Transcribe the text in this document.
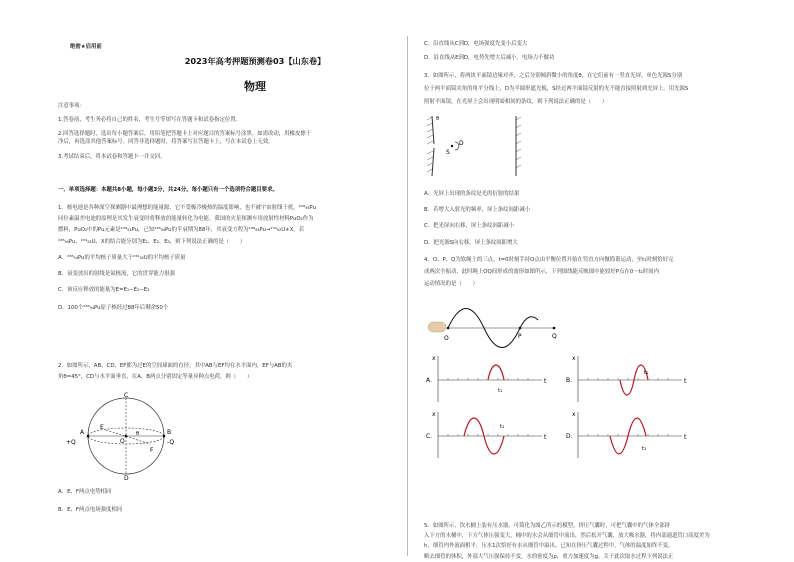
绝密★启用前
2023年高考押题预测卷03【山东卷】
物理

注意事项：

1.答卷前，考生务必将自己的姓名、考生号等填写在答题卡和试卷指定位置。

2.回答选择题时，选出每小题答案后，用铅笔把答题卡上对应题目的答案标号涂黑。如需改动，用橡皮擦干

净后，再选涂其他答案标号。回答非选择题时，将答案写在答题卡上，写在本试卷上无效。

3.考试结束后，将本试卷和答题卡一并交回。

一、单项选择题：本题共8小题，每小题3分，共24分。每小题只有一个选项符合题目要求。

1．核电池是各种深空探测器中最理想的能量源，它不受极冷极热的温度影响，也不被宇宙射线干扰。²³⁸₉₄Pu

同位素温差电池的原理是其发生衰变时将释放的能量转化为电能。我国的火星探测车用放射性材料PuO₂作为

燃料，PuO₂中的Pu元素是²³⁸₉₄Pu，已知²³⁸₉₄Pu的半衰期为88年，其衰变方程为²³⁸₉₄Pu→²³⁴₉₂U+X。若

²³⁸₉₄Pu、²³⁴₉₂U、X的结合能分别为E₁、E₂、E₃，则下列说法正确的是（　　）

A．²³⁸₉₄Pu的平均核子质量大于²³⁴₉₂U的平均核子质量

B．衰变放出的射线是氦核流，它的贯穿能力很强

C．该反应释放的能量为E=E₁−E₂−E₃

D．100个²³⁸₉₄Pu原子核经过88年后剩余50个

2．如图所示，AB、CD、EF都为过E的空间球面的直径，其中AB与EF均在水平面内，EF与AB的夹

角θ=45°，CD与水平面垂直，在A、B两点分别固定等量异种点电荷，则（　　）

C
D
E
F
A	B
O
θ
+Q	-Q

A．E、F两点电势相同

B．E、F两点电场强度相同

C．沿直线从C到D，电场强度先变小后变大

D．沿直线从E到D，电势先增大后减小，电场力不做功

3．如图所示，将两块平面镜边缘对齐，之后分别倾斜微小的角度θ，在它们前有一竖直光屏，单色光源S分别

位于两平面镜夹角的角平分线上，D为半圆形遮光板，S经过两平面镜反射的光不能直接照射到光屏上。用光源S

照射平面镜，在光屏上会出现明暗相间的条纹，则下列说法正确的是（　　）

S
D
θ

A．光屏上出现的条纹是光的衍射的结果

B．若增大入射光的频率，屏上条纹间距减小

C．把光屏向右移，屏上条纹间距减小

D．把光源S向右移，屏上条纹间距增大

4．O、P、Q为软绳上的三点，t=0时刻手持O点由平衡位置开始在竖直方向做简谐运动，至t₁时刻恰好完

成两次全振动，此时绳上OQ间形成的波形如图所示，下列图线能反映图中能较好P点在0～t₁时间内

运动情况的是（　　）

O	P	Q
A．
x
t
t₁
B．
x
t
t₁
C．
x
t
t₁
D．
x
t
t₁

5．如图所示，饮水桶上装有压水器，可简化为图乙所示的模型。挤压气囊时，可把气囊中的气体全部挤

入下方的水桶中，下方气体压强变大，桶中的水会从细管中流出，然后松开气囊，放大吸水器，将内部通道管口高度差为

h，细管内外液面相平，压水1次恰好有水从细管中溢出。已知在挤压气囊过程中，气体的温度始终不变，

略去细管的体积，外部大气压强保持不变，水的密度为ρ，重力加速度为g。关于此次取水过程下列说法正
